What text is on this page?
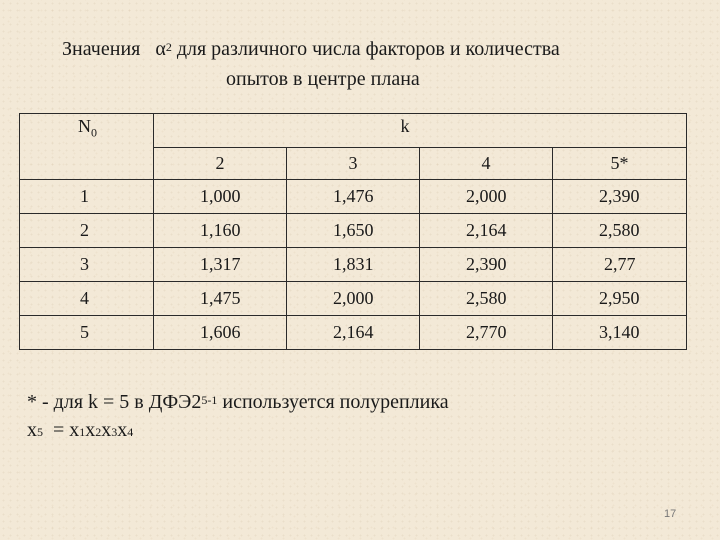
Значения $\alpha^2$ для различного числа факторов и количества
опытов в центре плана
$N_0$	k			
	2	3	4	5*
1	1,000	1,476	2,000	2,390
2	1,160	1,650	2,164	2,580
3	1,317	1,831	2,390	2,77
4	1,475	2,000	2,580	2,950
5	1,606	2,164	2,770	3,140
* - для k = 5 в ДФЭ2$^{5-1}$ используется полуреплика
$x_5 = x_1x_2x_3x_4$
17
